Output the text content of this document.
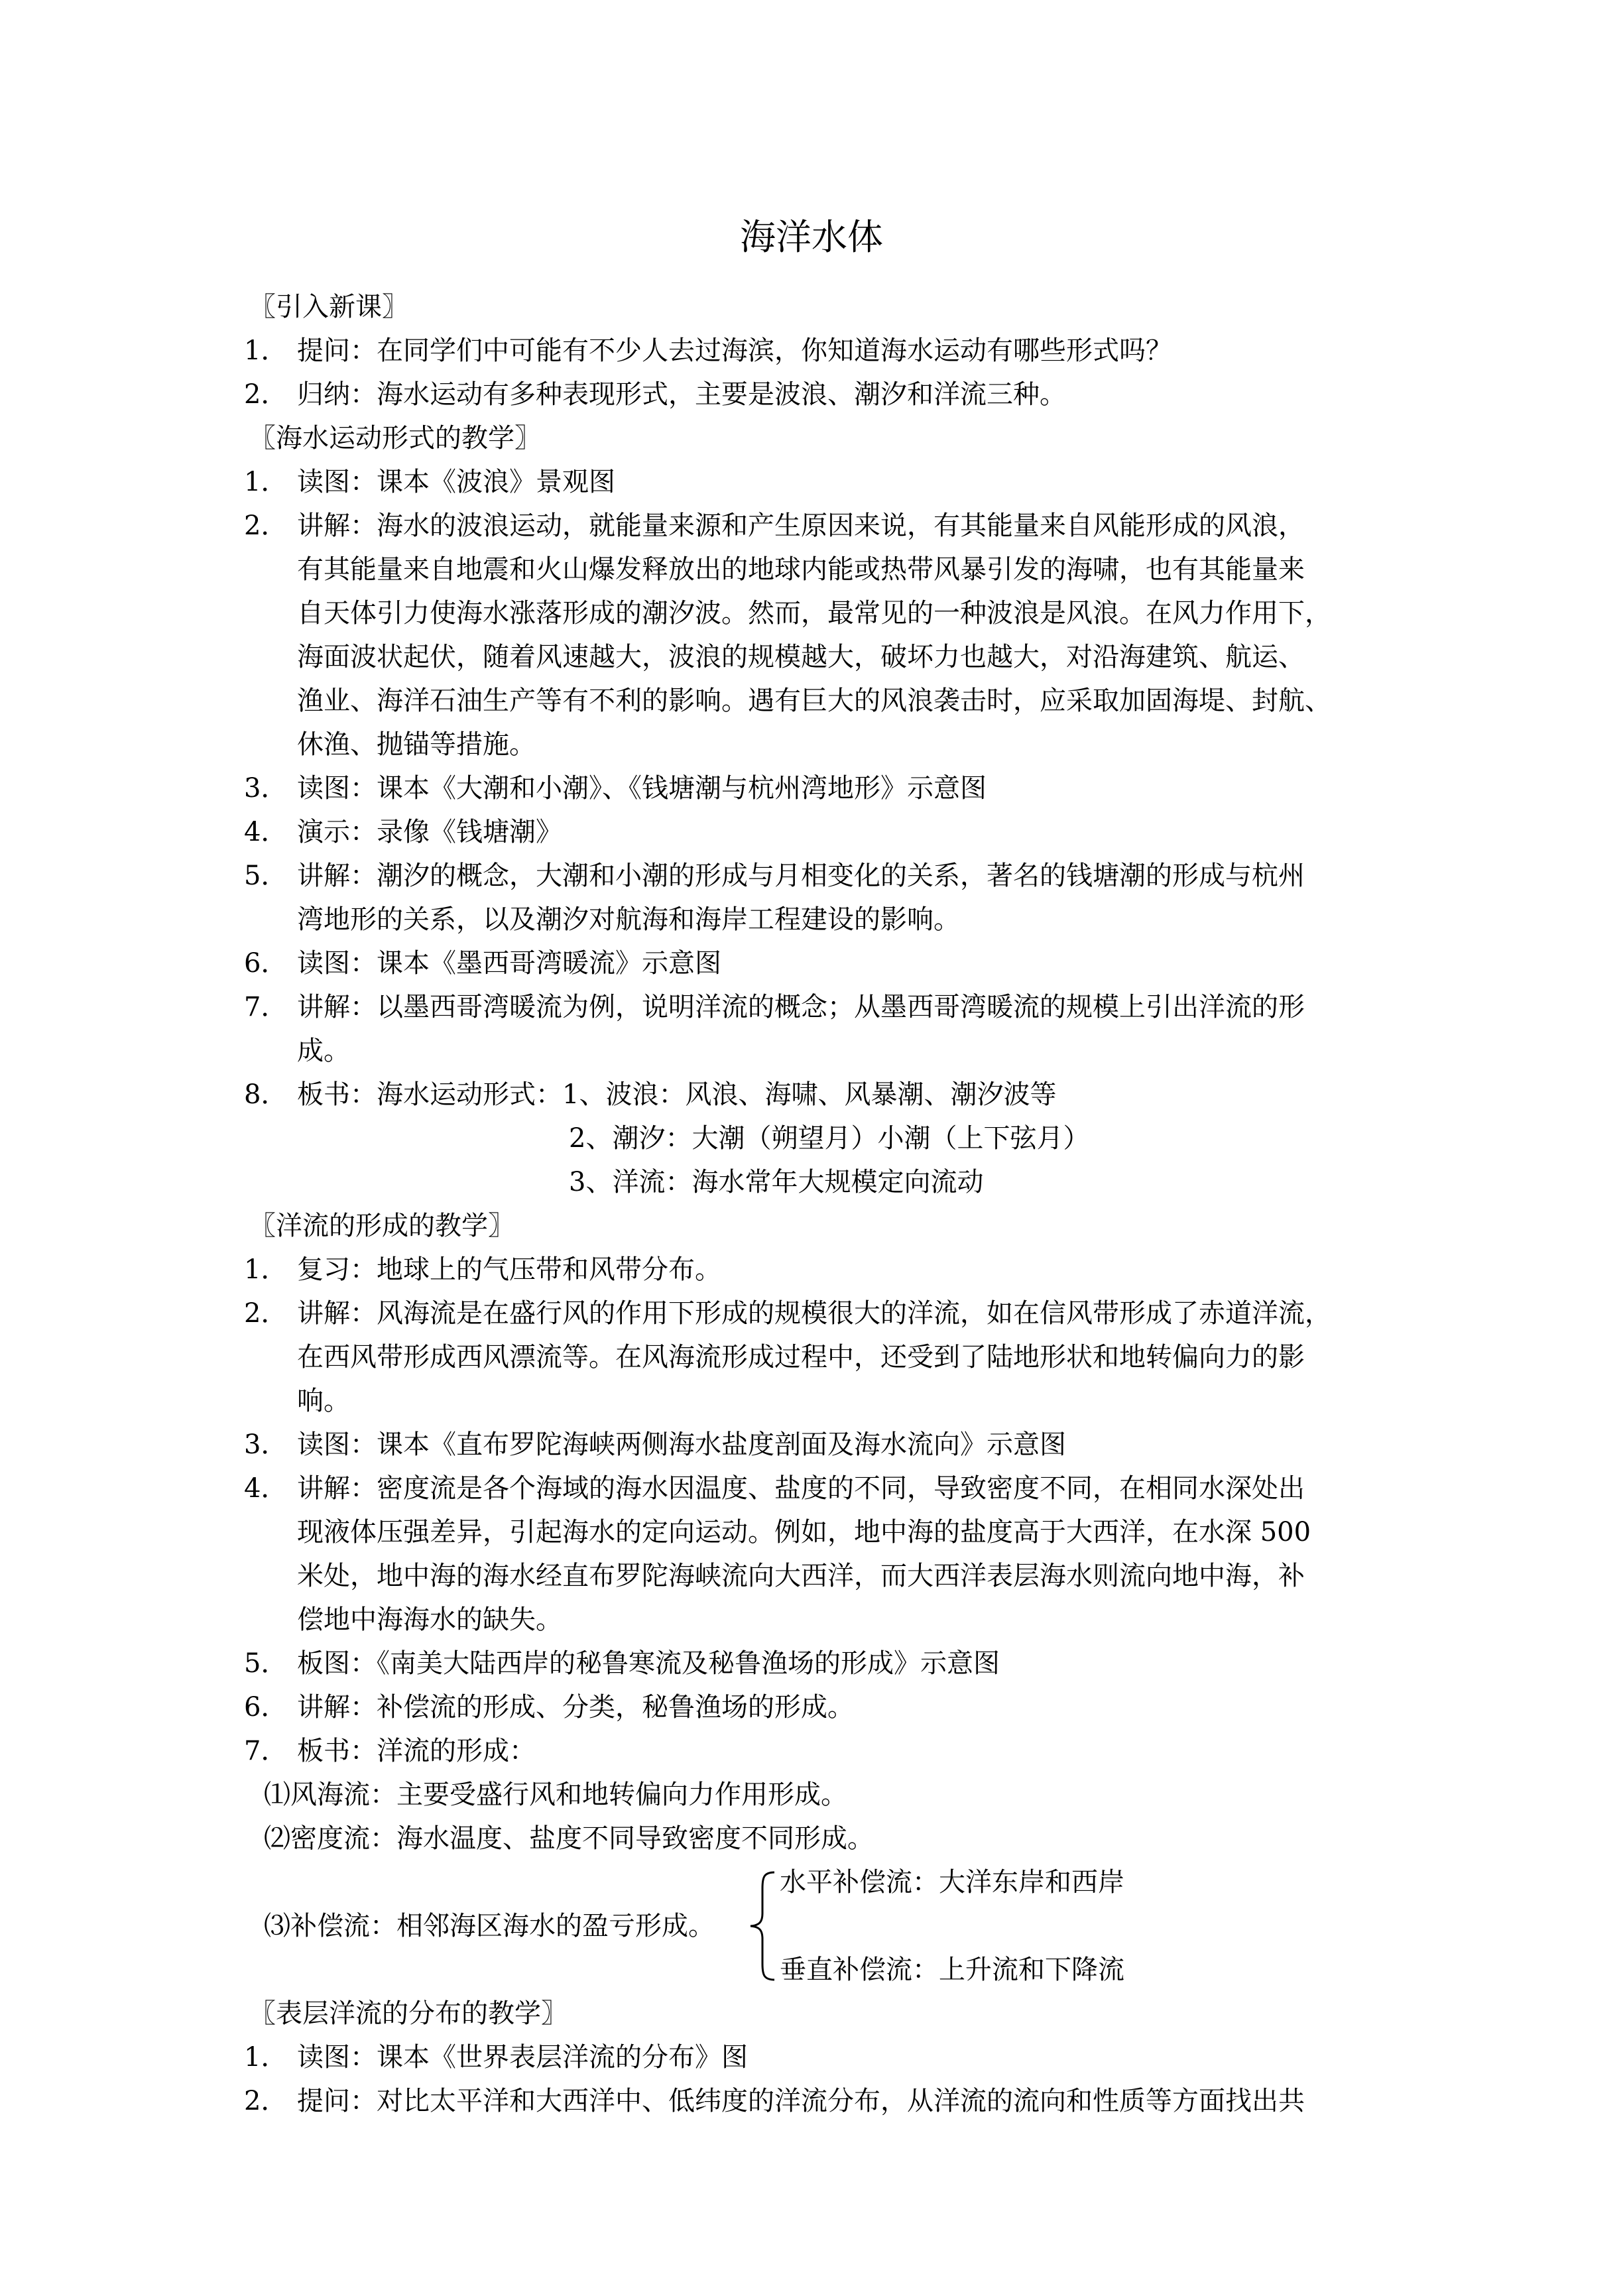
海洋水体
〖引入新课〗
1． 提问：在同学们中可能有不少人去过海滨，你知道海水运动有哪些形式吗？
2． 归纳：海水运动有多种表现形式，主要是波浪、潮汐和洋流三种。
〖海水运动形式的教学〗
1． 读图：课本《波浪》景观图
2． 讲解：海水的波浪运动，就能量来源和产生原因来说，有其能量来自风能形成的风浪，
有其能量来自地震和火山爆发释放出的地球内能或热带风暴引发的海啸，也有其能量来
自天体引力使海水涨落形成的潮汐波。然而，最常见的一种波浪是风浪。在风力作用下，
海面波状起伏，随着风速越大，波浪的规模越大，破坏力也越大，对沿海建筑、航运、
渔业、海洋石油生产等有不利的影响。遇有巨大的风浪袭击时，应采取加固海堤、封航、
休渔、抛锚等措施。
3． 读图：课本《大潮和小潮》、《钱塘潮与杭州湾地形》示意图
4． 演示：录像《钱塘潮》
5． 讲解：潮汐的概念，大潮和小潮的形成与月相变化的关系，著名的钱塘潮的形成与杭州
湾地形的关系，以及潮汐对航海和海岸工程建设的影响。
6． 读图：课本《墨西哥湾暖流》示意图
7． 讲解：以墨西哥湾暖流为例，说明洋流的概念；从墨西哥湾暖流的规模上引出洋流的形
成。
8． 板书：海水运动形式：1、波浪：风浪、海啸、风暴潮、潮汐波等
2、潮汐：大潮（朔望月）小潮（上下弦月）
3、洋流：海水常年大规模定向流动
〖洋流的形成的教学〗
1． 复习：地球上的气压带和风带分布。
2． 讲解：风海流是在盛行风的作用下形成的规模很大的洋流，如在信风带形成了赤道洋流，
在西风带形成西风漂流等。在风海流形成过程中，还受到了陆地形状和地转偏向力的影
响。
3． 读图：课本《直布罗陀海峡两侧海水盐度剖面及海水流向》示意图
4． 讲解：密度流是各个海域的海水因温度、盐度的不同，导致密度不同，在相同水深处出
现液体压强差异，引起海水的定向运动。例如，地中海的盐度高于大西洋，在水深 500
米处，地中海的海水经直布罗陀海峡流向大西洋，而大西洋表层海水则流向地中海，补
偿地中海海水的缺失。
5． 板图：《南美大陆西岸的秘鲁寒流及秘鲁渔场的形成》示意图
6． 讲解：补偿流的形成、分类，秘鲁渔场的形成。
7． 板书：洋流的形成：
⑴风海流：主要受盛行风和地转偏向力作用形成。
⑵密度流：海水温度、盐度不同导致密度不同形成。
⑶补偿流：相邻海区海水的盈亏形成。
水平补偿流：大洋东岸和西岸
垂直补偿流：上升流和下降流
〖表层洋流的分布的教学〗
1． 读图：课本《世界表层洋流的分布》图
2． 提问：对比太平洋和大西洋中、低纬度的洋流分布，从洋流的流向和性质等方面找出共
